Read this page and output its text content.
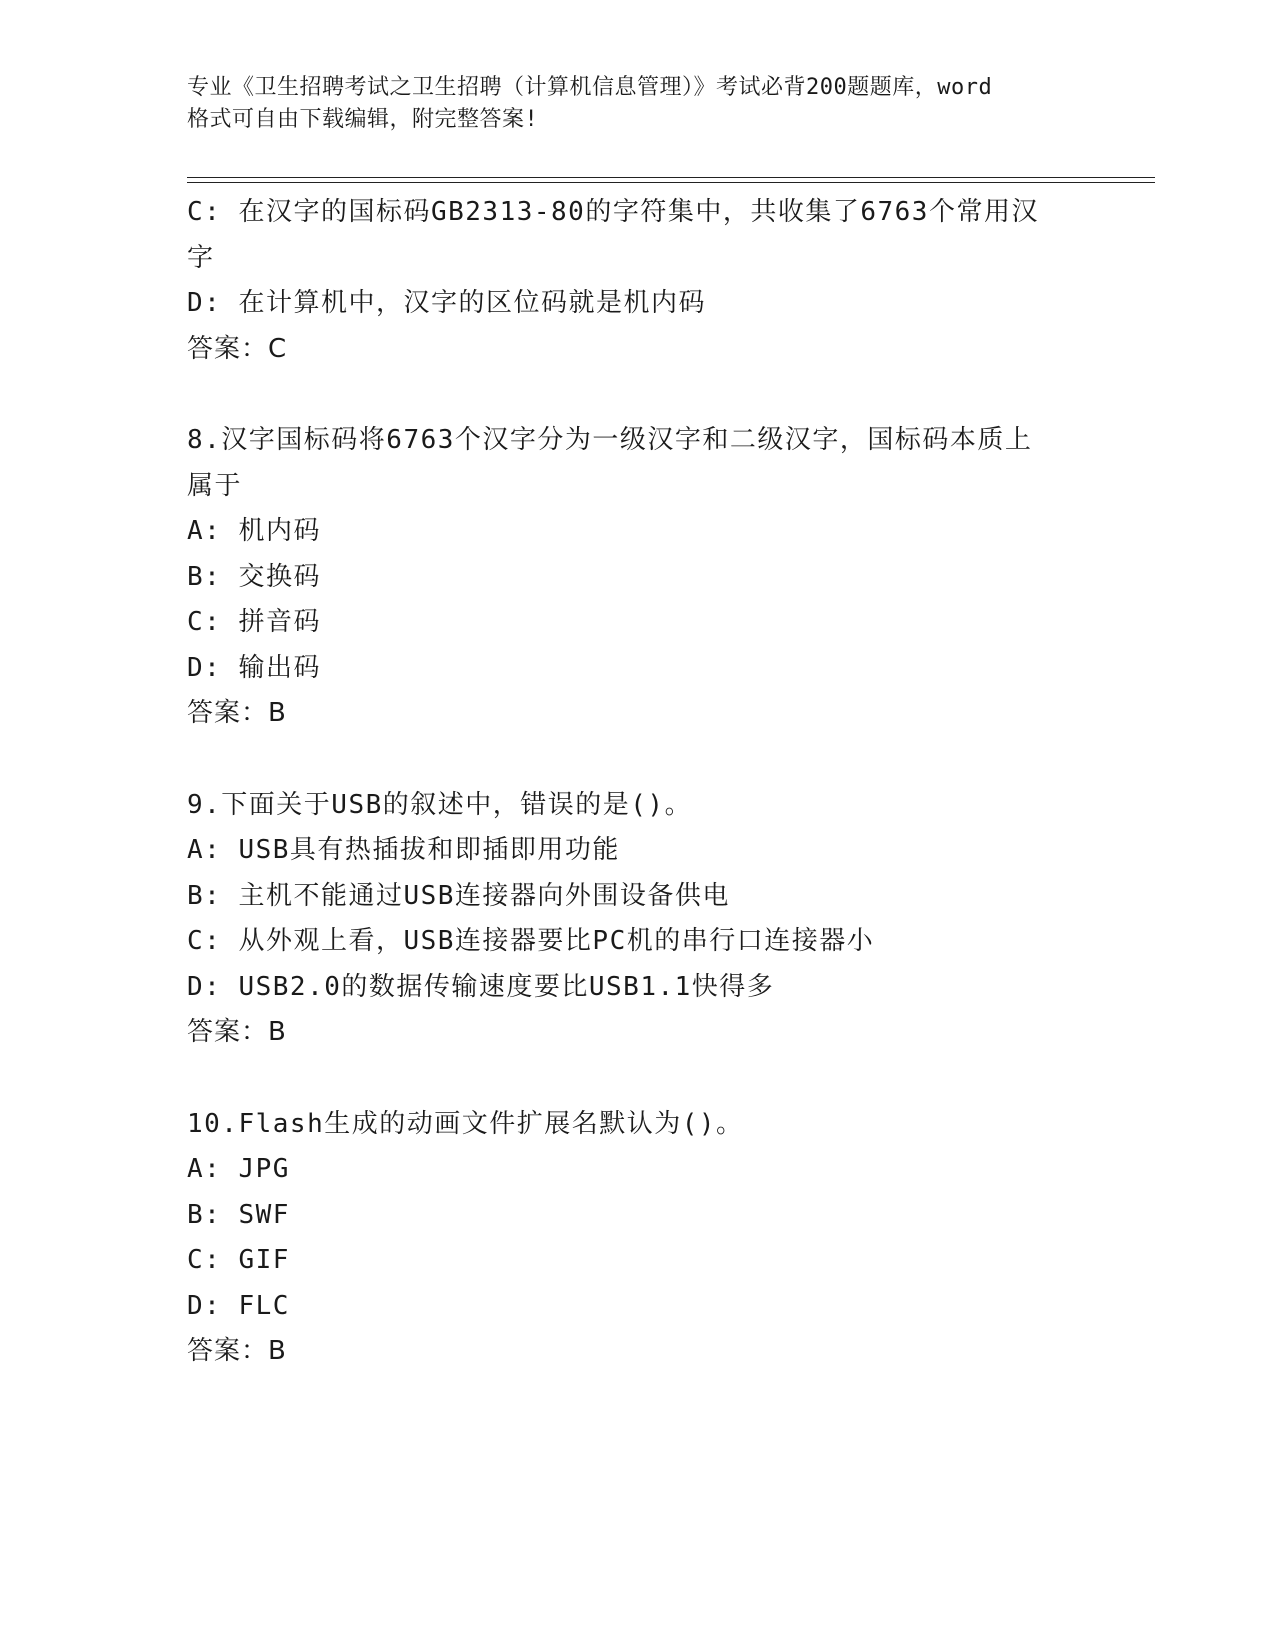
专业《卫生招聘考试之卫生招聘（计算机信息管理）》考试必背200题题库，word
格式可自由下载编辑，附完整答案!
C: 在汉字的国标码GB2313-80的字符集中，共收集了6763个常用汉
字
D: 在计算机中，汉字的区位码就是机内码
答案：C
8.汉字国标码将6763个汉字分为一级汉字和二级汉字，国标码本质上
属于
A: 机内码
B: 交换码
C: 拼音码
D: 输出码
答案：B
9.下面关于USB的叙述中，错误的是()。
A: USB具有热插拔和即插即用功能
B: 主机不能通过USB连接器向外围设备供电
C: 从外观上看，USB连接器要比PC机的串行口连接器小
D: USB2.0的数据传输速度要比USB1.1快得多
答案：B
10.Flash生成的动画文件扩展名默认为()。
A: JPG
B: SWF
C: GIF
D: FLC
答案：B
